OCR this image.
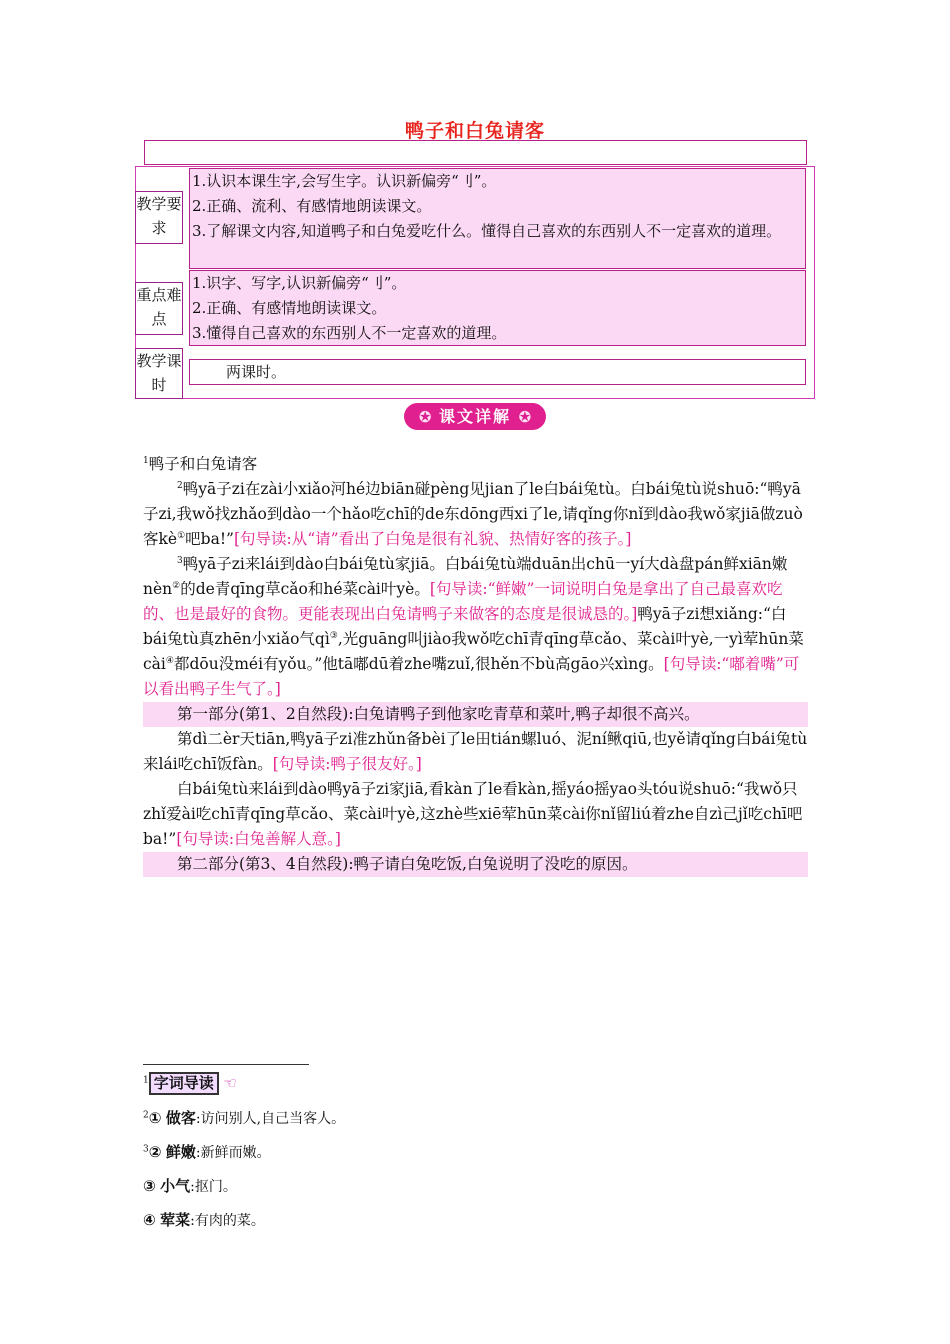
鸭子和白兔请客
教学要求
1.认识本课生字,会写生字。认识新偏旁“刂”。
2.正确、流利、有感情地朗读课文。
3.了解课文内容,知道鸭子和白兔爱吃什么。懂得自己喜欢的东西别人不一定喜欢的道理。
重点难点
1.识字、写字,认识新偏旁“刂”。
2.正确、有感情地朗读课文。
3.懂得自己喜欢的东西别人不一定喜欢的道理。
教学课时
两课时。
✪ 课文详解 ✪

$^1$鸭子和白兔请客

$^2$鸭yā子zi在zài小xiǎo河hé边biān碰pèng见jian了le白bái兔tù。白bái兔tù说shuō:“鸭yā子zi,我wǒ找zhǎo到dào一个hǎo吃chī的de东dōng西xi了le,请qǐng你nǐ到dào我wǒ家jiā做zuò客kè①吧ba!”[句导读:从“请”看出了白兔是很有礼貌、热情好客的孩子。]

$^3$鸭yā子zi来lái到dào白bái兔tù家jiā。白bái兔tù端duān出chū一yí大dà盘pán鲜xiān嫩nèn②的de青qīng草cǎo和hé菜cài叶yè。[句导读:“鲜嫩”一词说明白兔是拿出了自己最喜欢吃的、也是最好的食物。更能表现出白兔请鸭子来做客的态度是很诚恳的。]鸭yā子zi想xiǎng:“白bái兔tù真zhēn小xiǎo气qì③,光guāng叫jiào我wǒ吃chī青qīng草cǎo、菜cài叶yè,一yì荤hūn菜cài④都dōu没méi有yǒu。”他tā嘟dū着zhe嘴zuǐ,很hěn不bù高gāo兴xìng。[句导读:“嘟着嘴”可以看出鸭子生气了。]

第一部分(第1、2自然段):白兔请鸭子到他家吃青草和菜叶,鸭子却很不高兴。

第dì二èr天tiān,鸭yā子zi准zhǔn备bèi了le田tián螺luó、泥ní鳅qiū,也yě请qǐng白bái兔tù来lái吃chī饭fàn。[句导读:鸭子很友好。]

白bái兔tù来lái到dào鸭yā子zi家jiā,看kàn了le看kàn,摇yáo摇yao头tóu说shuō:“我wǒ只zhǐ爱ài吃chī青qīng草cǎo、菜cài叶yè,这zhè些xiē荤hūn菜cài你nǐ留liú着zhe自zì己jǐ吃chī吧ba!”[句导读:白兔善解人意。]

第二部分(第3、4自然段):鸭子请白兔吃饭,白兔说明了没吃的原因。

$^1$ 字词导读 ☜
$^2$① 做客:访问别人,自己当客人。
$^3$② 鲜嫩:新鲜而嫩。
③ 小气:抠门。
④ 荤菜:有肉的菜。
